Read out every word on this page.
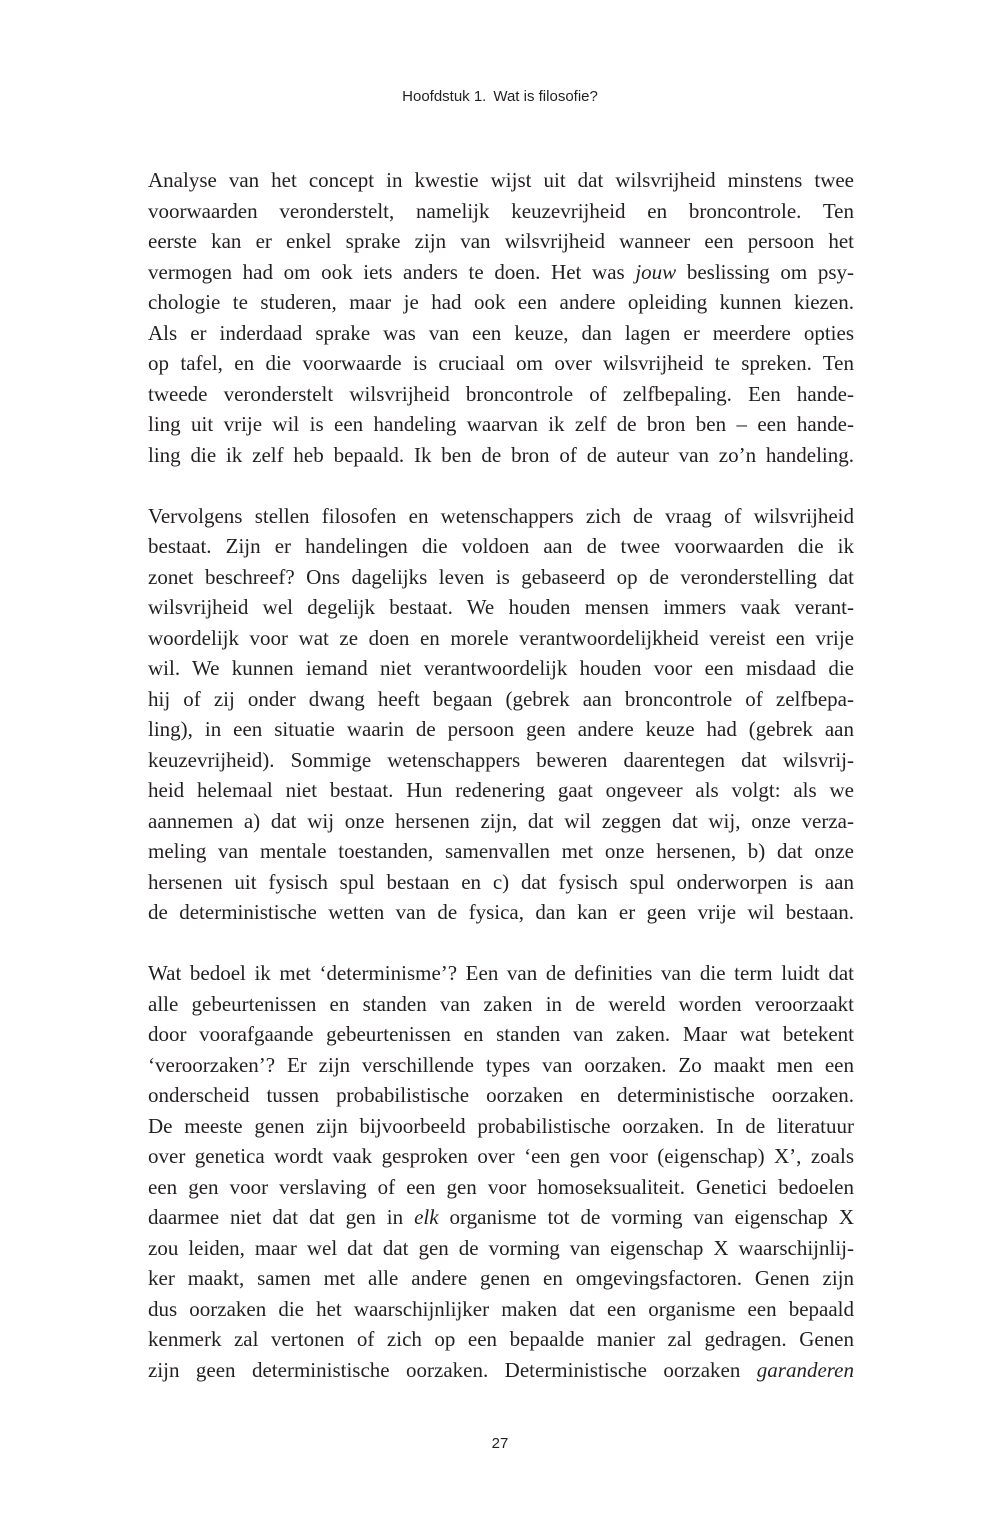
Hoofdstuk 1. Wat is filosofie?
Analyse van het concept in kwestie wijst uit dat wilsvrijheid minstens twee
voorwaarden veronderstelt, namelijk keuzevrijheid en broncontrole. Ten
eerste kan er enkel sprake zijn van wilsvrijheid wanneer een persoon het
vermogen had om ook iets anders te doen. Het was jouw beslissing om psy-
chologie te studeren, maar je had ook een andere opleiding kunnen kiezen.
Als er inderdaad sprake was van een keuze, dan lagen er meerdere opties
op tafel, en die voorwaarde is cruciaal om over wilsvrijheid te spreken. Ten
tweede veronderstelt wilsvrijheid broncontrole of zelfbepaling. Een hande-
ling uit vrije wil is een handeling waarvan ik zelf de bron ben – een hande-
ling die ik zelf heb bepaald. Ik ben de bron of de auteur van zo’n handeling.
Vervolgens stellen filosofen en wetenschappers zich de vraag of wilsvrijheid
bestaat. Zijn er handelingen die voldoen aan de twee voorwaarden die ik
zonet beschreef? Ons dagelijks leven is gebaseerd op de veronderstelling dat
wilsvrijheid wel degelijk bestaat. We houden mensen immers vaak verant-
woordelijk voor wat ze doen en morele verantwoordelijkheid vereist een vrije
wil. We kunnen iemand niet verantwoordelijk houden voor een misdaad die
hij of zij onder dwang heeft begaan (gebrek aan broncontrole of zelfbepa-
ling), in een situatie waarin de persoon geen andere keuze had (gebrek aan
keuzevrijheid). Sommige wetenschappers beweren daarentegen dat wilsvrij-
heid helemaal niet bestaat. Hun redenering gaat ongeveer als volgt: als we
aannemen a) dat wij onze hersenen zijn, dat wil zeggen dat wij, onze verza-
meling van mentale toestanden, samenvallen met onze hersenen, b) dat onze
hersenen uit fysisch spul bestaan en c) dat fysisch spul onderworpen is aan
de deterministische wetten van de fysica, dan kan er geen vrije wil bestaan.
Wat bedoel ik met ‘determinisme’? Een van de definities van die term luidt dat
alle gebeurtenissen en standen van zaken in de wereld worden veroorzaakt
door voorafgaande gebeurtenissen en standen van zaken. Maar wat betekent
‘veroorzaken’? Er zijn verschillende types van oorzaken. Zo maakt men een
onderscheid tussen probabilistische oorzaken en deterministische oorzaken.
De meeste genen zijn bijvoorbeeld probabilistische oorzaken. In de literatuur
over genetica wordt vaak gesproken over ‘een gen voor (eigenschap) X’, zoals
een gen voor verslaving of een gen voor homoseksualiteit. Genetici bedoelen
daarmee niet dat dat gen in elk organisme tot de vorming van eigenschap X
zou leiden, maar wel dat dat gen de vorming van eigenschap X waarschijnlij-
ker maakt, samen met alle andere genen en omgevingsfactoren. Genen zijn
dus oorzaken die het waarschijnlijker maken dat een organisme een bepaald
kenmerk zal vertonen of zich op een bepaalde manier zal gedragen. Genen
zijn geen deterministische oorzaken. Deterministische oorzaken garanderen
27
